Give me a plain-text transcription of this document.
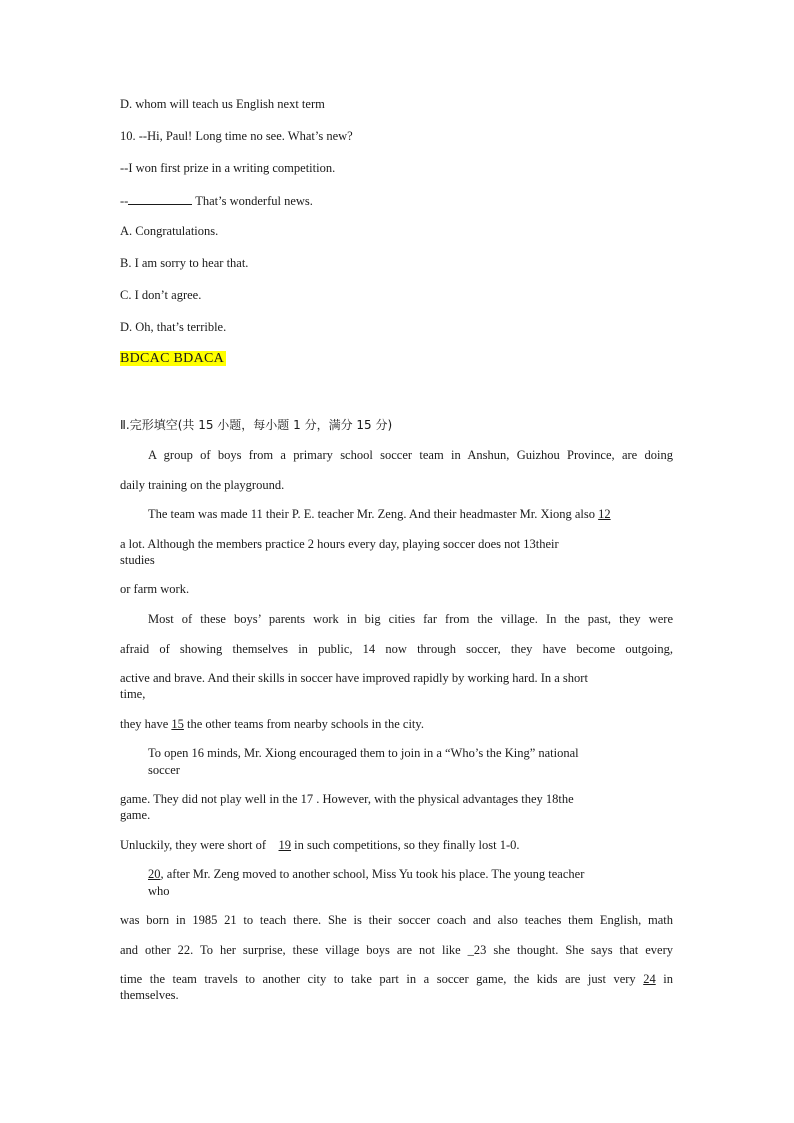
D. whom will teach us English next term
10. --Hi, Paul! Long time no see. What’s new?
--I won first prize in a writing competition.
--	That’s wonderful news.
A. Congratulations.
B. I am sorry to hear that.
C. I don’t agree.
D. Oh, that’s terrible.
BDCAC BDACA
Ⅱ.完形填空(共 15 小题，每小题 1 分，满分 15 分)
A group of boys from a primary school soccer team in Anshun, Guizhou Province, are doing
daily training on the playground.
The team was made 11 their P. E. teacher Mr. Zeng. And their headmaster Mr. Xiong also 12
a lot. Although the members practice 2 hours every day, playing soccer does not 13their
studies
or farm work.
Most of these boys’ parents work in big cities far from the village. In the past, they were
afraid of showing themselves in public, 14 now through soccer, they have become outgoing,
active and brave. And their skills in soccer have improved rapidly by working hard. In a short
time,
they have 15 the other teams from nearby schools in the city.
To open 16 minds, Mr. Xiong encouraged them to join in a “Who’s the King” national
soccer
game. They did not play well in the 17 . However, with the physical advantages they 18the
game.
Unluckily, they were short of    19 in such competitions, so they finally lost 1-0.
20, after Mr. Zeng moved to another school, Miss Yu took his place. The young teacher
who
was born in 1985 21 to teach there. She is their soccer coach and also teaches them English, math
and other 22. To her surprise, these village boys are not like _23 she thought. She says that every
time the team travels to another city to take part in a soccer game, the kids are just very 24 in
themselves.
